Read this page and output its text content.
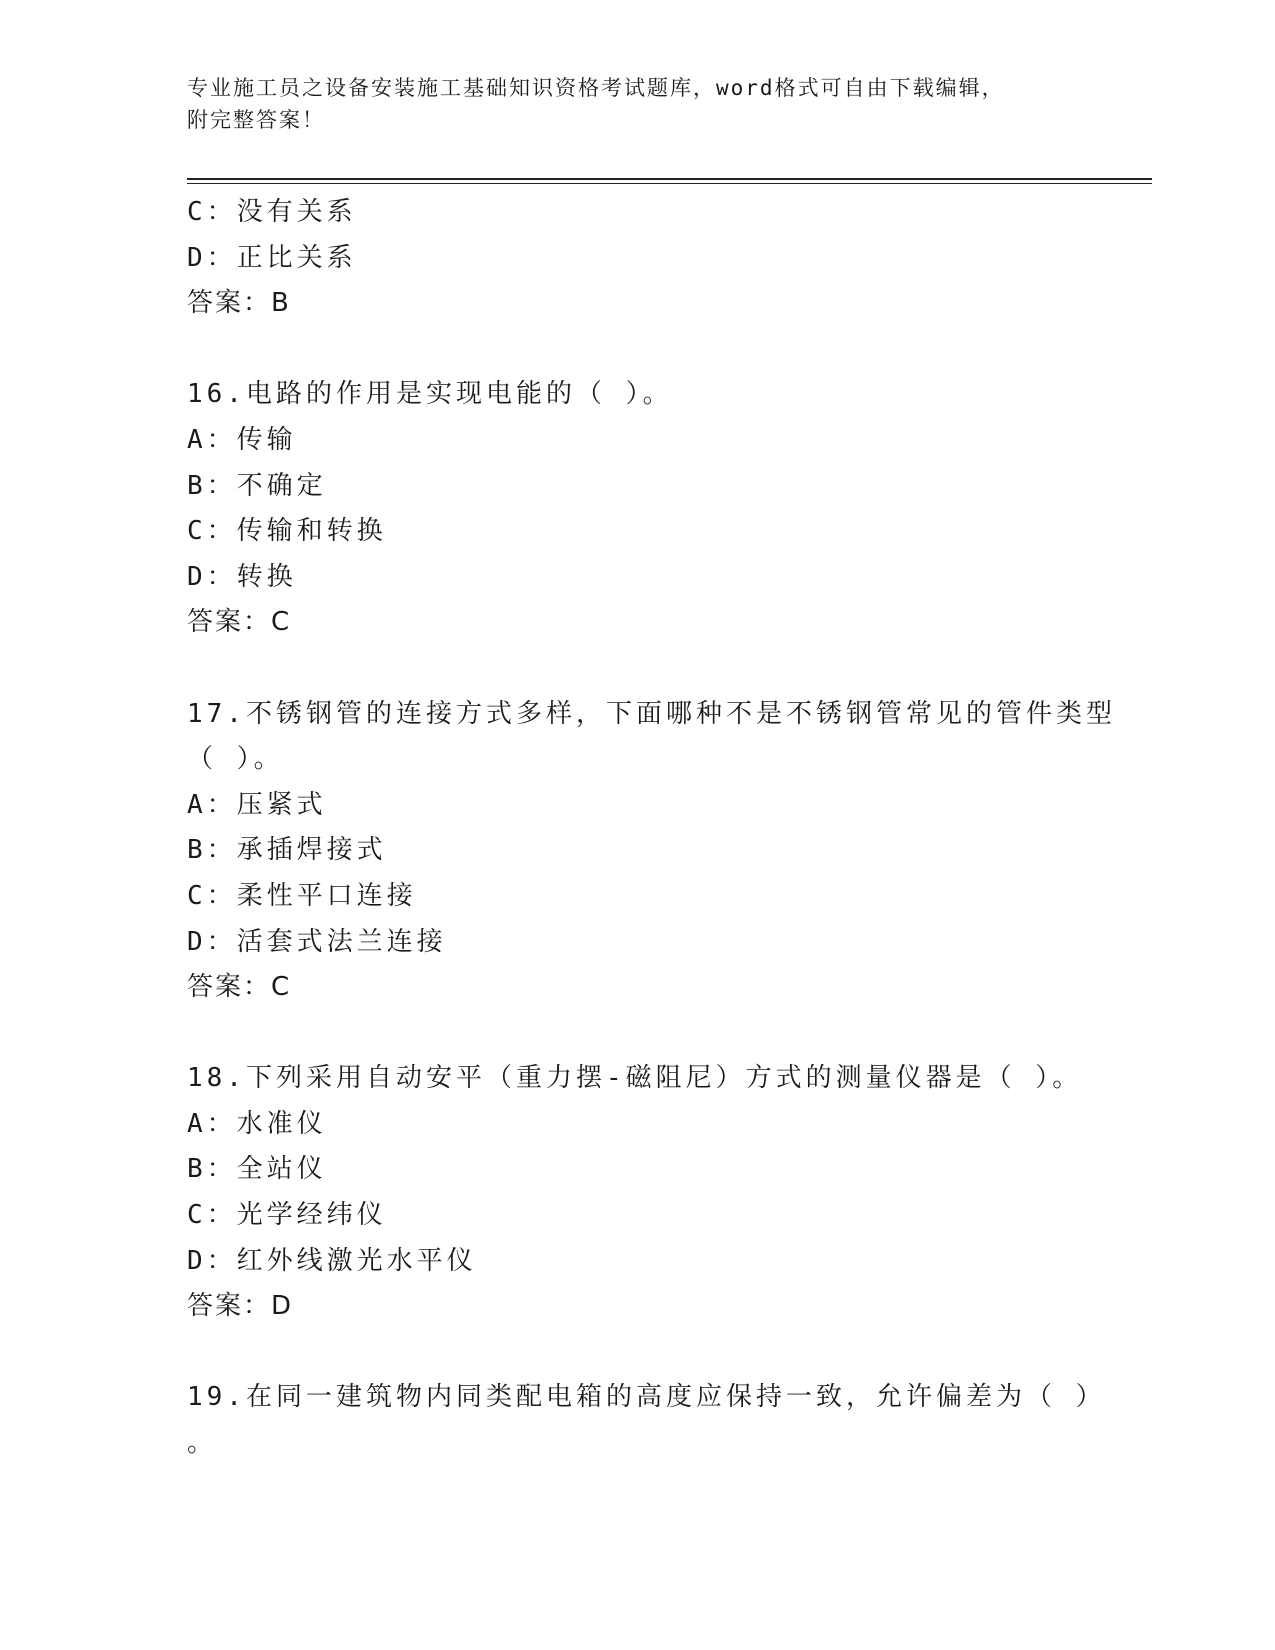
专业施工员之设备安装施工基础知识资格考试题库，word格式可自由下载编辑，
附完整答案！
C：没有关系
D：正比关系
答案：B
16.电路的作用是实现电能的（ ）。
A：传输
B：不确定
C：传输和转换
D：转换
答案：C
17.不锈钢管的连接方式多样，下面哪种不是不锈钢管常见的管件类型
（ ）。
A：压紧式
B：承插焊接式
C：柔性平口连接
D：活套式法兰连接
答案：C
18.下列采用自动安平（重力摆-磁阻尼）方式的测量仪器是（ ）。
A：水准仪
B：全站仪
C：光学经纬仪
D：红外线激光水平仪
答案：D
19.在同一建筑物内同类配电箱的高度应保持一致，允许偏差为（ ）
。
